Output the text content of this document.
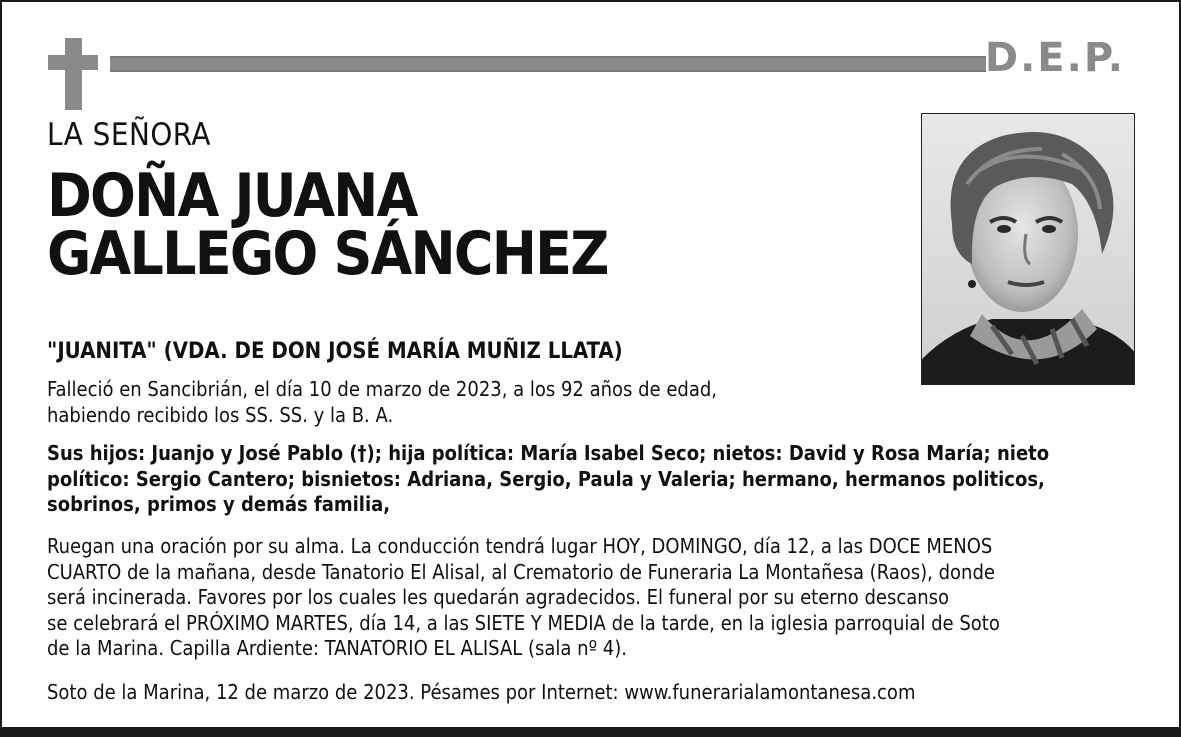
D.E.P.
LA SEÑORA
DOÑA JUANA
GALLEGO SÁNCHEZ
"JUANITA" (VDA. DE DON JOSÉ MARÍA MUÑIZ LLATA)
Falleció en Sancibrián, el día 10 de marzo de 2023, a los 92 años de edad,
habiendo recibido los SS. SS. y la B. A.
Sus hijos: Juanjo y José Pablo (†); hija política: María Isabel Seco; nietos: David y Rosa María; nieto
político: Sergio Cantero; bisnietos: Adriana, Sergio, Paula y Valeria; hermano, hermanos politicos,
sobrinos, primos y demás familia,
Ruegan una oración por su alma. La conducción tendrá lugar HOY, DOMINGO, día 12, a las DOCE MENOS
CUARTO de la mañana, desde Tanatorio El Alisal, al Crematorio de Funeraria La Montañesa (Raos), donde
será incinerada. Favores por los cuales les quedarán agradecidos. El funeral por su eterno descanso
se celebrará el PRÓXIMO MARTES, día 14, a las SIETE Y MEDIA de la tarde, en la iglesia parroquial de Soto
de la Marina. Capilla Ardiente: TANATORIO EL ALISAL (sala nº 4).
Soto de la Marina, 12 de marzo de 2023. Pésames por Internet: www.funerarialamontanesa.com
